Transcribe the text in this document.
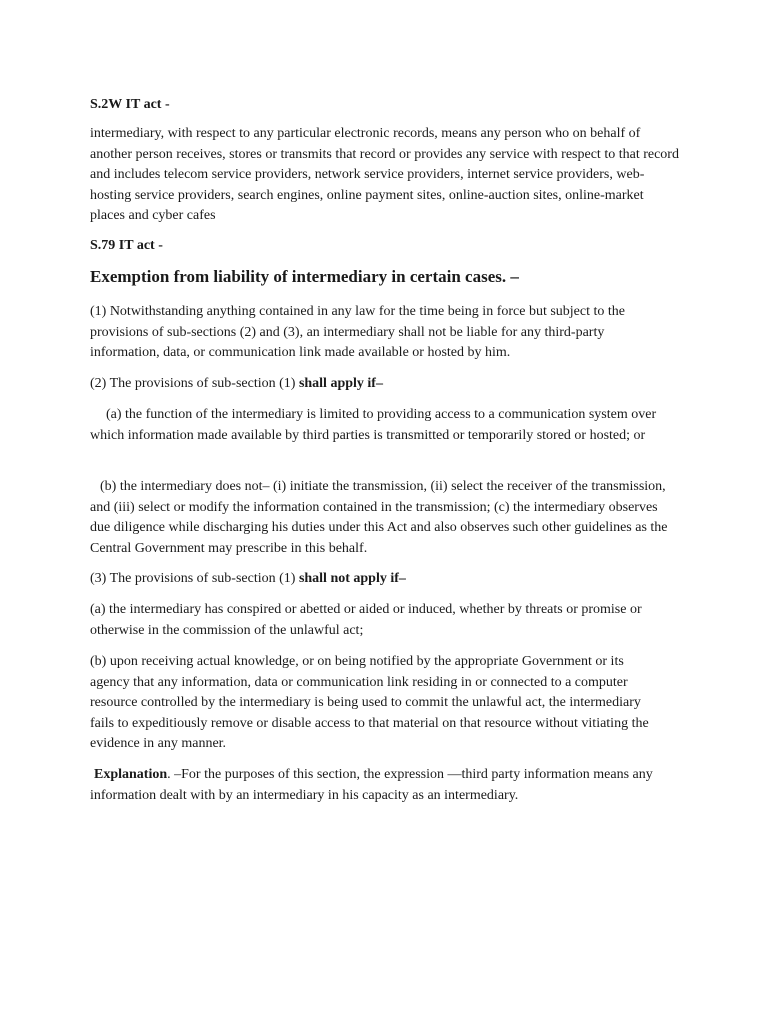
S.2W IT act -

intermediary, with respect to any particular electronic records, means any person who on behalf of another person receives, stores or transmits that record or provides any service with respect to that record and includes telecom service providers, network service providers, internet service providers, web-hosting service providers, search engines, online payment sites, online-auction sites, online-market places and cyber cafes

S.79 IT act -

Exemption from liability of intermediary in certain cases. –

(1) Notwithstanding anything contained in any law for the time being in force but subject to the provisions of sub-sections (2) and (3), an intermediary shall not be liable for any third-party information, data, or communication link made available or hosted by him.

(2) The provisions of sub-section (1) shall apply if–

(a) the function of the intermediary is limited to providing access to a communication system over which information made available by third parties is transmitted or temporarily stored or hosted; or

(b) the intermediary does not– (i) initiate the transmission, (ii) select the receiver of the transmission, and (iii) select or modify the information contained in the transmission; (c) the intermediary observes due diligence while discharging his duties under this Act and also observes such other guidelines as the Central Government may prescribe in this behalf.

(3) The provisions of sub-section (1) shall not apply if–

(a) the intermediary has conspired or abetted or aided or induced, whether by threats or promise or otherwise in the commission of the unlawful act;

(b) upon receiving actual knowledge, or on being notified by the appropriate Government or its agency that any information, data or communication link residing in or connected to a computer resource controlled by the intermediary is being used to commit the unlawful act, the intermediary fails to expeditiously remove or disable access to that material on that resource without vitiating the evidence in any manner.

Explanation. –For the purposes of this section, the expression —third party information means any information dealt with by an intermediary in his capacity as an intermediary.
